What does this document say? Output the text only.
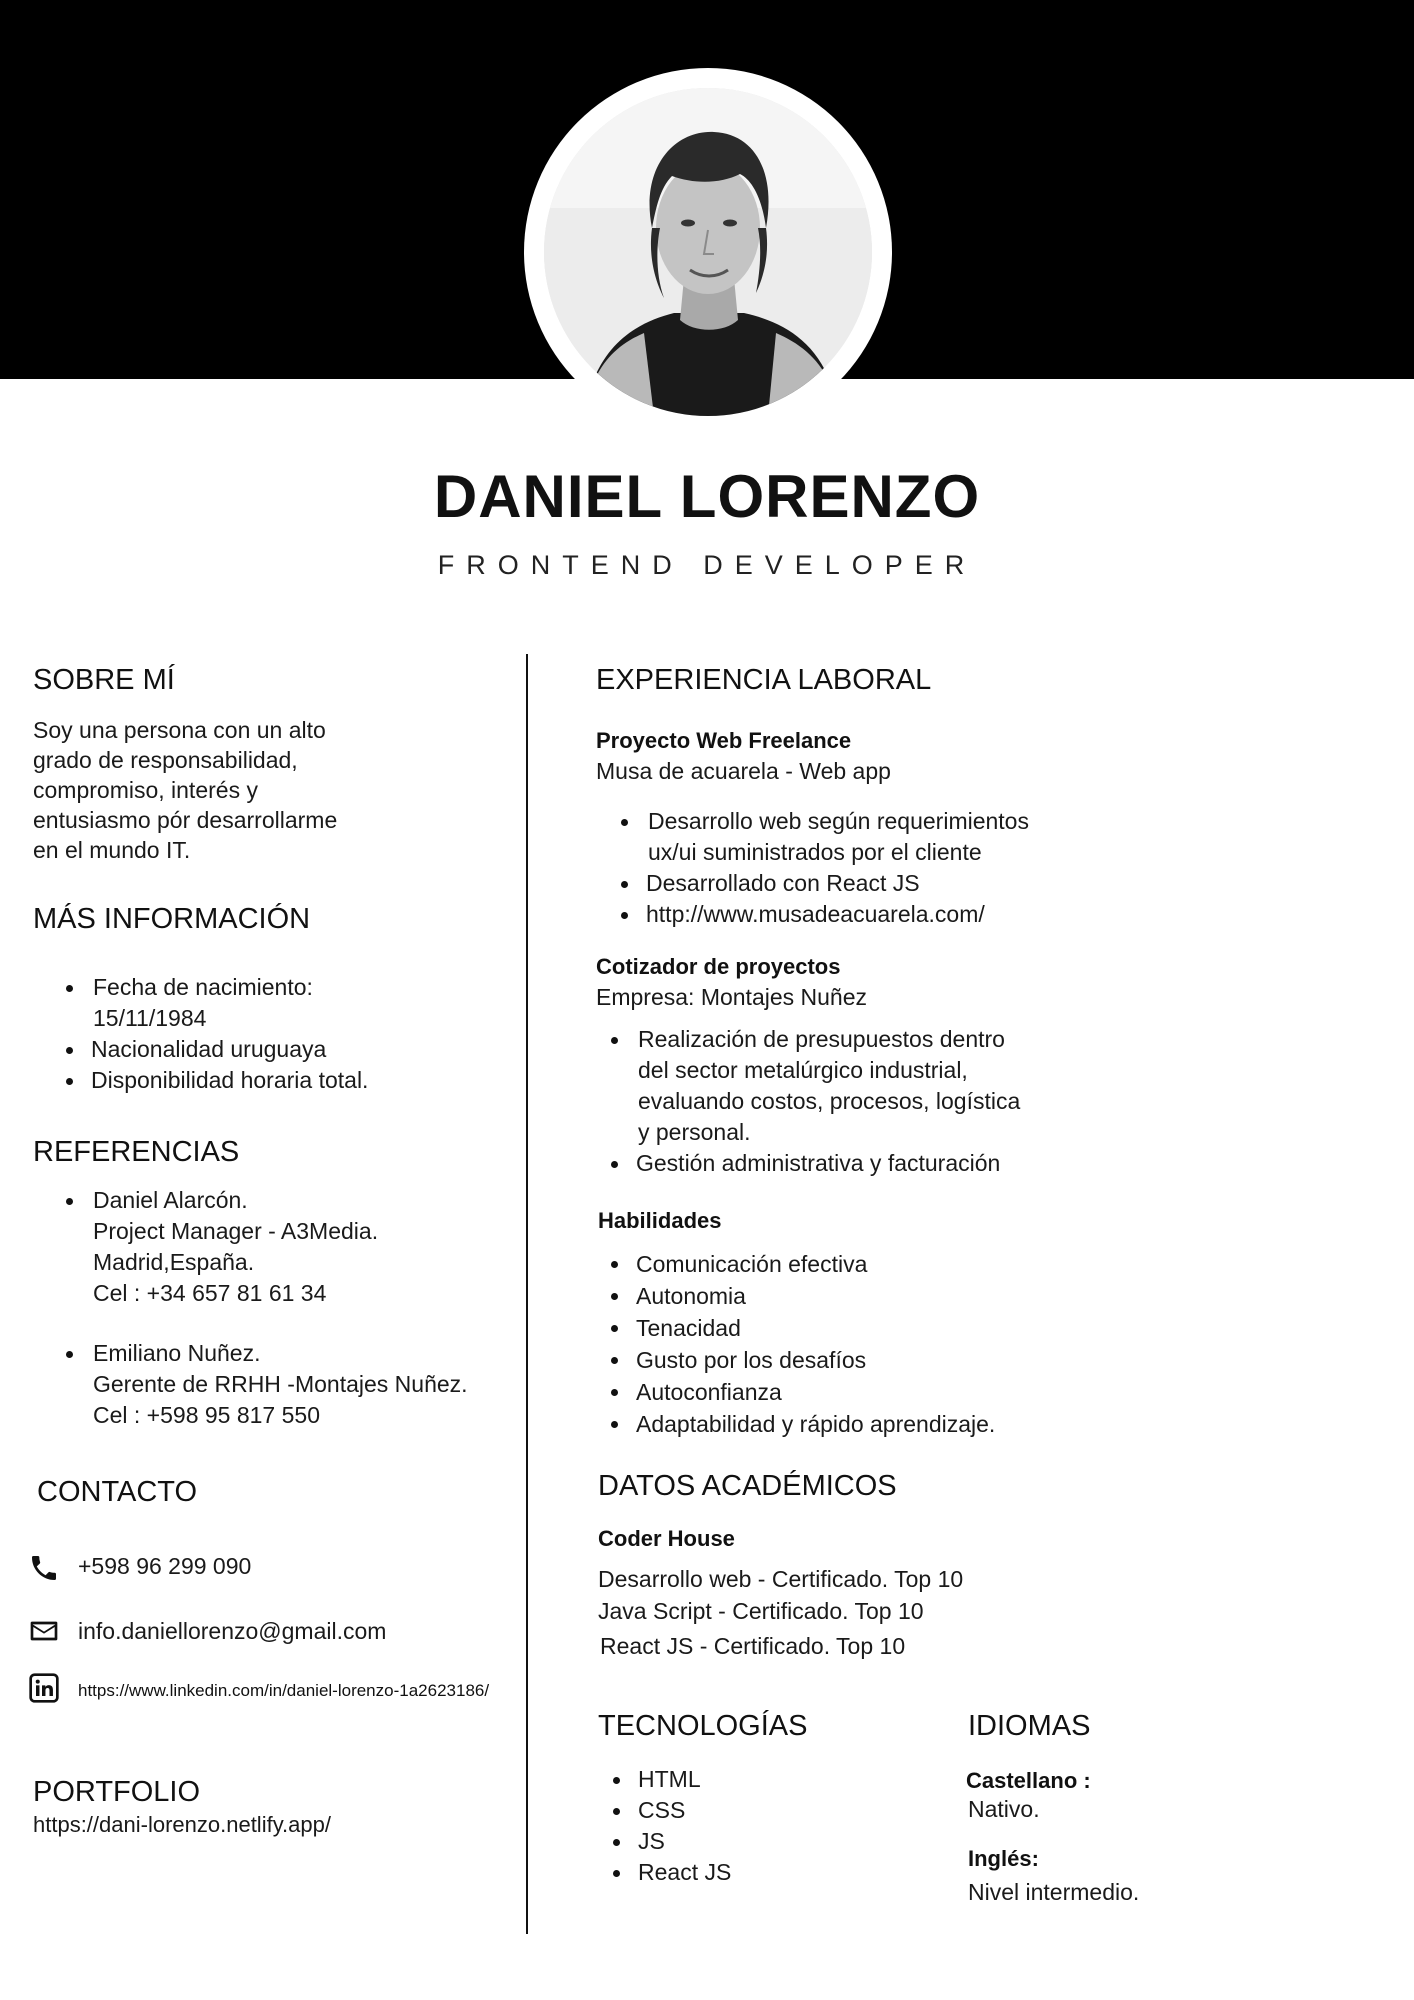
DANIEL LORENZO
FRONTEND DEVELOPER
SOBRE MÍ
Soy una persona con un alto
grado de responsabilidad,
compromiso, interés y
entusiasmo pór desarrollarme
en el mundo IT.
MÁS INFORMACIÓN
Fecha de nacimiento:
15/11/1984
Nacionalidad uruguaya
Disponibilidad horaria total.
REFERENCIAS
Daniel Alarcón.
Project Manager - A3Media.
Madrid,España.
Cel : +34 657 81 61 34
Emiliano Nuñez.
Gerente de RRHH -Montajes Nuñez.
Cel : +598 95 817 550
CONTACTO
+598 96 299 090
info.daniellorenzo@gmail.com
https://www.linkedin.com/in/daniel-lorenzo-1a2623186/
PORTFOLIO
https://dani-lorenzo.netlify.app/
EXPERIENCIA LABORAL
Proyecto Web Freelance
Musa de acuarela - Web app
Desarrollo web según requerimientos
ux/ui suministrados por el cliente
Desarrollado con React JS
http://www.musadeacuarela.com/
Cotizador de proyectos
Empresa: Montajes Nuñez
Realización de presupuestos dentro
del sector metalúrgico industrial,
evaluando costos, procesos, logística
y personal.
Gestión administrativa y facturación
Habilidades
Comunicación efectiva
Autonomia
Tenacidad
Gusto por los desafíos
Autoconfianza
Adaptabilidad y rápido aprendizaje.
DATOS ACADÉMICOS
Coder House
Desarrollo web - Certificado. Top 10
Java Script - Certificado. Top 10
React JS - Certificado. Top 10
TECNOLOGÍAS
HTML
CSS
JS
React JS
IDIOMAS
Castellano :
Nativo.
Inglés:
Nivel intermedio.
